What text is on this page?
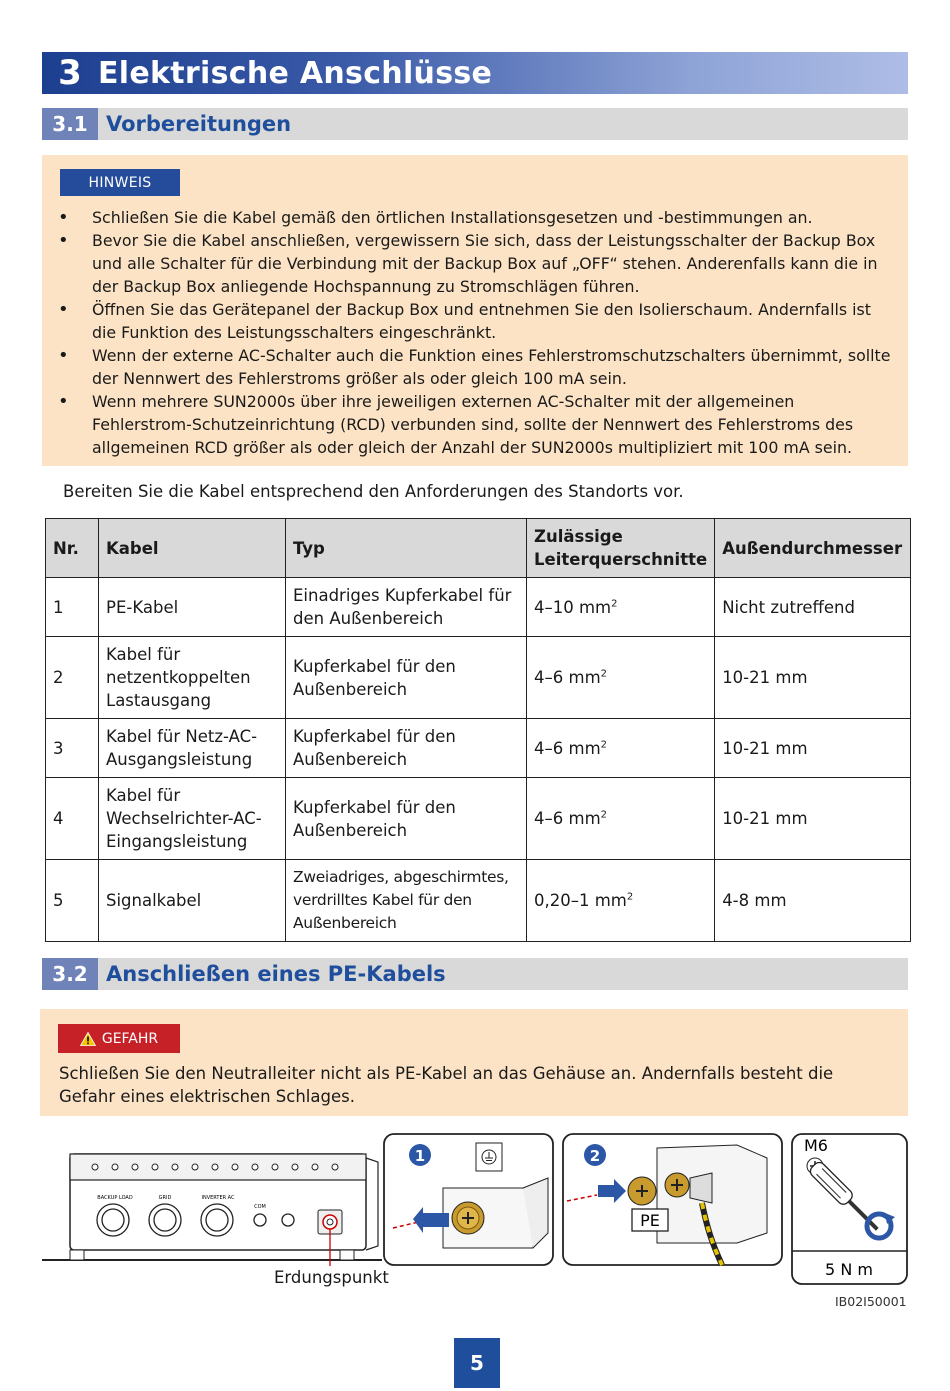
3 Elektrische Anschlüsse
3.1 Vorbereitungen
HINWEIS
• Schließen Sie die Kabel gemäß den örtlichen Installationsgesetzen und -bestimmungen an.
• Bevor Sie die Kabel anschließen, vergewissern Sie sich, dass der Leistungsschalter der Backup Box und alle Schalter für die Verbindung mit der Backup Box auf „OFF“ stehen. Anderenfalls kann die in der Backup Box anliegende Hochspannung zu Stromschlägen führen.
• Öffnen Sie das Gerätepanel der Backup Box und entnehmen Sie den Isolierschaum. Andernfalls ist die Funktion des Leistungsschalters eingeschränkt.
• Wenn der externe AC-Schalter auch die Funktion eines Fehlerstromschutzschalters übernimmt, sollte der Nennwert des Fehlerstroms größer als oder gleich 100 mA sein.
• Wenn mehrere SUN2000s über ihre jeweiligen externen AC-Schalter mit der allgemeinen Fehlerstrom-Schutzeinrichtung (RCD) verbunden sind, sollte der Nennwert des Fehlerstroms des allgemeinen RCD größer als oder gleich der Anzahl der SUN2000s multipliziert mit 100 mA sein.
Bereiten Sie die Kabel entsprechend den Anforderungen des Standorts vor.
Nr.	Kabel	Typ	Zulässige Leiterquerschnitte	Außendurchmesser
1	PE-Kabel	Einadriges Kupferkabel für den Außenbereich	4–10 $mm^2$	Nicht zutreffend
2	Kabel für netzentkoppelten Lastausgang	Kupferkabel für den Außenbereich	4–6 $mm^2$	10-21 mm
3	Kabel für Netz-AC-Ausgangsleistung	Kupferkabel für den Außenbereich	4–6 $mm^2$	10-21 mm
4	Kabel für Wechselrichter-AC-Eingangsleistung	Kupferkabel für den Außenbereich	4–6 $mm^2$	10-21 mm
5	Signalkabel	Zweiadriges, abgeschirmtes, verdrilltes Kabel für den Außenbereich	0,20–1 $mm^2$	4-8 mm
3.2 Anschließen eines PE-Kabels
GEFAHR
Schließen Sie den Neutralleiter nicht als PE-Kabel an das Gehäuse an. Andernfalls besteht die Gefahr eines elektrischen Schlages.
BACKUP LOAD	GRID	INVERTER AC
COM
1	2
PE
M6
5 N m
Erdungspunkt
IB02I50001
5
